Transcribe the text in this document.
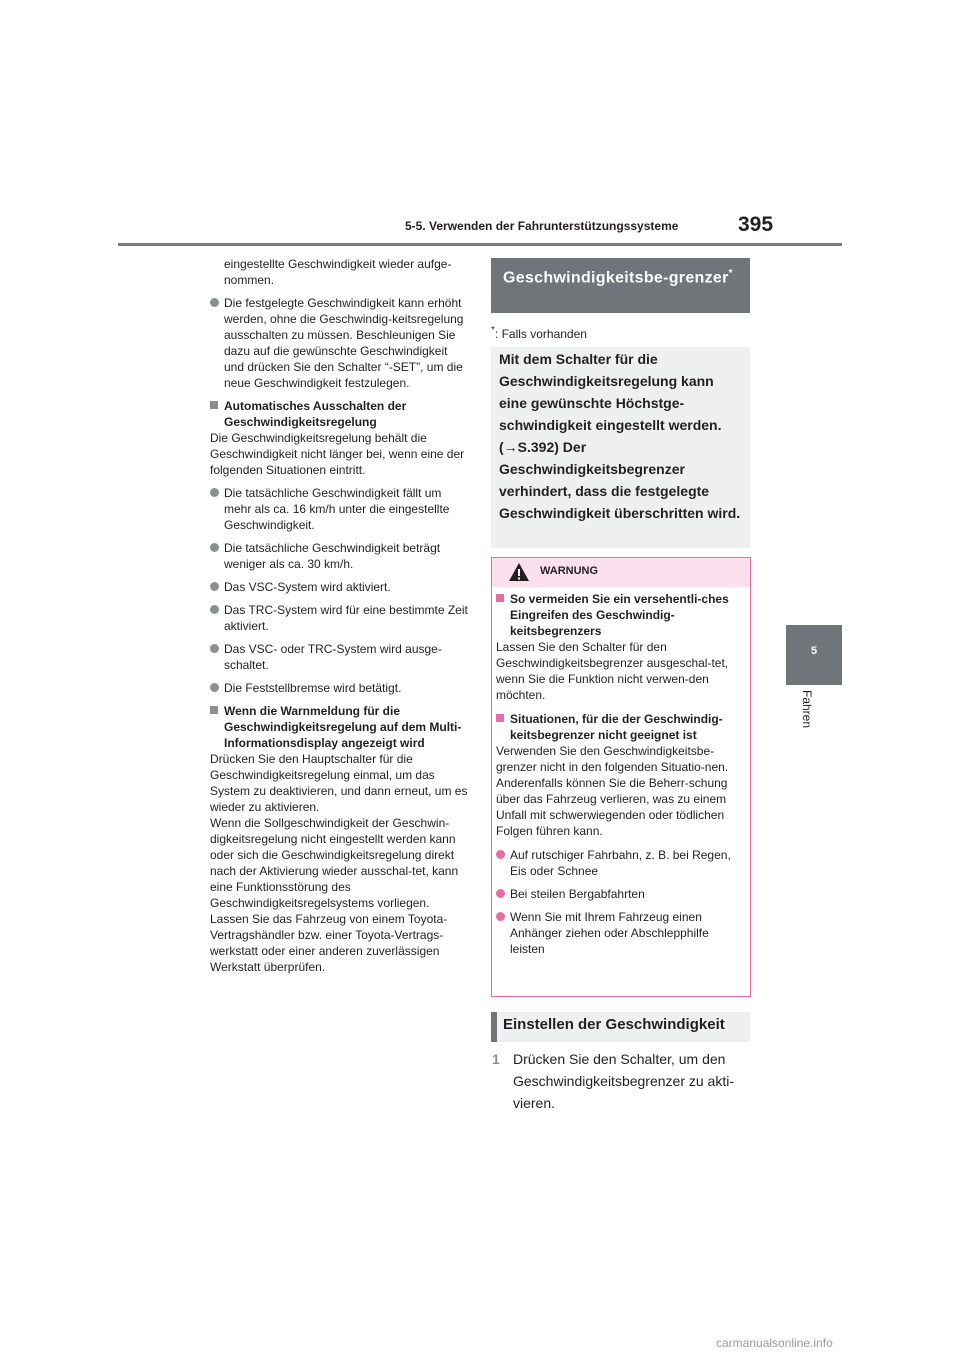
5-5. Verwenden der Fahrunterstützungssysteme	395
5
Fahren

eingestellte Geschwindigkeit wieder aufge-nommen.

Die festgelegte Geschwindigkeit kann erhöht werden, ohne die Geschwindig-keitsregelung ausschalten zu müssen. Beschleunigen Sie dazu auf die gewünschte Geschwindigkeit und drücken Sie den Schalter “-SET”, um die neue Geschwindigkeit festzulegen.
Automatisches Ausschalten der Geschwindigkeitsregelung

Die Geschwindigkeitsregelung behält die Geschwindigkeit nicht länger bei, wenn eine der folgenden Situationen eintritt.

Die tatsächliche Geschwindigkeit fällt um mehr als ca. 16 km/h unter die eingestellte Geschwindigkeit.
Die tatsächliche Geschwindigkeit beträgt weniger als ca. 30 km/h.
Das VSC-System wird aktiviert.
Das TRC-System wird für eine bestimmte Zeit aktiviert.
Das VSC- oder TRC-System wird ausge-schaltet.
Die Feststellbremse wird betätigt.
Wenn die Warnmeldung für die Geschwindigkeitsregelung auf dem Multi-Informationsdisplay angezeigt wird

Drücken Sie den Hauptschalter für die Geschwindigkeitsregelung einmal, um das System zu deaktivieren, und dann erneut, um es wieder zu aktivieren.

Wenn die Sollgeschwindigkeit der Geschwin-digkeitsregelung nicht eingestellt werden kann oder sich die Geschwindigkeitsregelung direkt nach der Aktivierung wieder ausschal-tet, kann eine Funktionsstörung des Geschwindigkeitsregelsystems vorliegen. Lassen Sie das Fahrzeug von einem Toyota-Vertragshändler bzw. einer Toyota-Vertrags-werkstatt oder einer anderen zuverlässigen Werkstatt überprüfen.

Geschwindigkeitsbe-grenzer*
*: Falls vorhanden
Mit dem Schalter für die Geschwindigkeitsregelung kann eine gewünschte Höchstge-schwindigkeit eingestellt werden. (→S.392) Der Geschwindigkeitsbegrenzer verhindert, dass die festgelegte Geschwindigkeit überschritten wird.
WARNUNG
So vermeiden Sie ein versehentli-ches Eingreifen des Geschwindig-keitsbegrenzers

Lassen Sie den Schalter für den Geschwindigkeitsbegrenzer ausgeschal-tet, wenn Sie die Funktion nicht verwen-den möchten.

Situationen, für die der Geschwindig-keitsbegrenzer nicht geeignet ist

Verwenden Sie den Geschwindigkeitsbe-grenzer nicht in den folgenden Situatio-nen.

Anderenfalls können Sie die Beherr-schung über das Fahrzeug verlieren, was zu einem Unfall mit schwerwiegenden oder tödlichen Folgen führen kann.

Auf rutschiger Fahrbahn, z. B. bei Regen, Eis oder Schnee
Bei steilen Bergabfahrten
Wenn Sie mit Ihrem Fahrzeug einen Anhänger ziehen oder Abschlepphilfe leisten
Einstellen der Geschwindigkeit
1 Drücken Sie den Schalter, um den Geschwindigkeitsbegrenzer zu akti-vieren.
carmanualsonline.info
